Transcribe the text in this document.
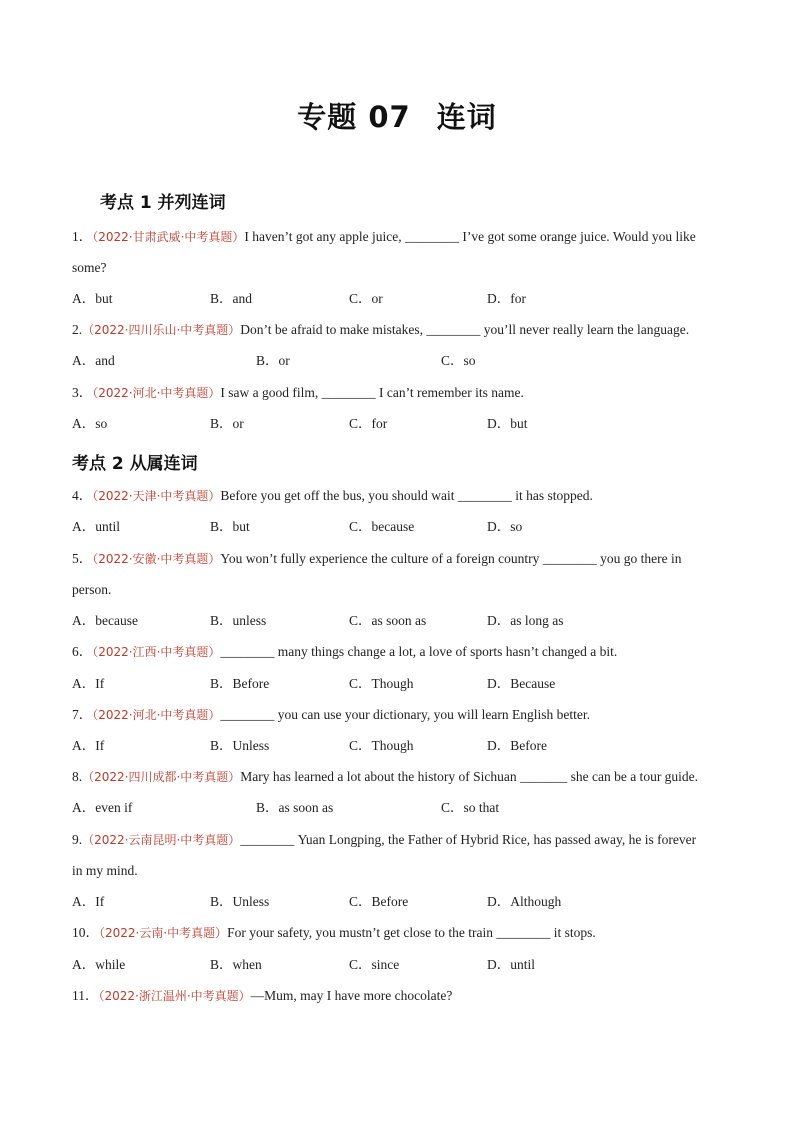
专题 07 连词
考点 1 并列连词
1．（2022·甘肃武威·中考真题）I haven’t got any apple juice, ________ I’ve got some orange juice. Would you like
some?
A．but	B．and	C．or	D．for
2.（2022·四川乐山·中考真题）Don’t be afraid to make mistakes, ________ you’ll never really learn the language.
A．and	B．or	C．so
3．（2022·河北·中考真题）I saw a good film, ________ I can’t remember its name.
A．so	B．or	C．for	D．but
考点 2 从属连词
4．（2022·天津·中考真题）Before you get off the bus, you should wait ________ it has stopped.
A．until	B．but	C．because	D．so
5．（2022·安徽·中考真题）You won’t fully experience the culture of a foreign country ________ you go there in
person.
A．because	B．unless	C．as soon as	D．as long as
6．（2022·江西·中考真题）________ many things change a lot, a love of sports hasn’t changed a bit.
A．If	B．Before	C．Though	D．Because
7．（2022·河北·中考真题）________ you can use your dictionary, you will learn English better.
A．If	B．Unless	C．Though	D．Before
8.（2022·四川成都·中考真题）Mary has learned a lot about the history of Sichuan _______ she can be a tour guide.
A．even if	B．as soon as	C．so that
9.（2022·云南昆明·中考真题）________ Yuan Longping, the Father of Hybrid Rice, has passed away, he is forever
in my mind.
A．If	B．Unless	C．Before	D．Although
10．（2022·云南·中考真题）For your safety, you mustn’t get close to the train ________ it stops.
A．while	B．when	C．since	D．until
11．（2022·浙江温州·中考真题）—Mum, may I have more chocolate?
